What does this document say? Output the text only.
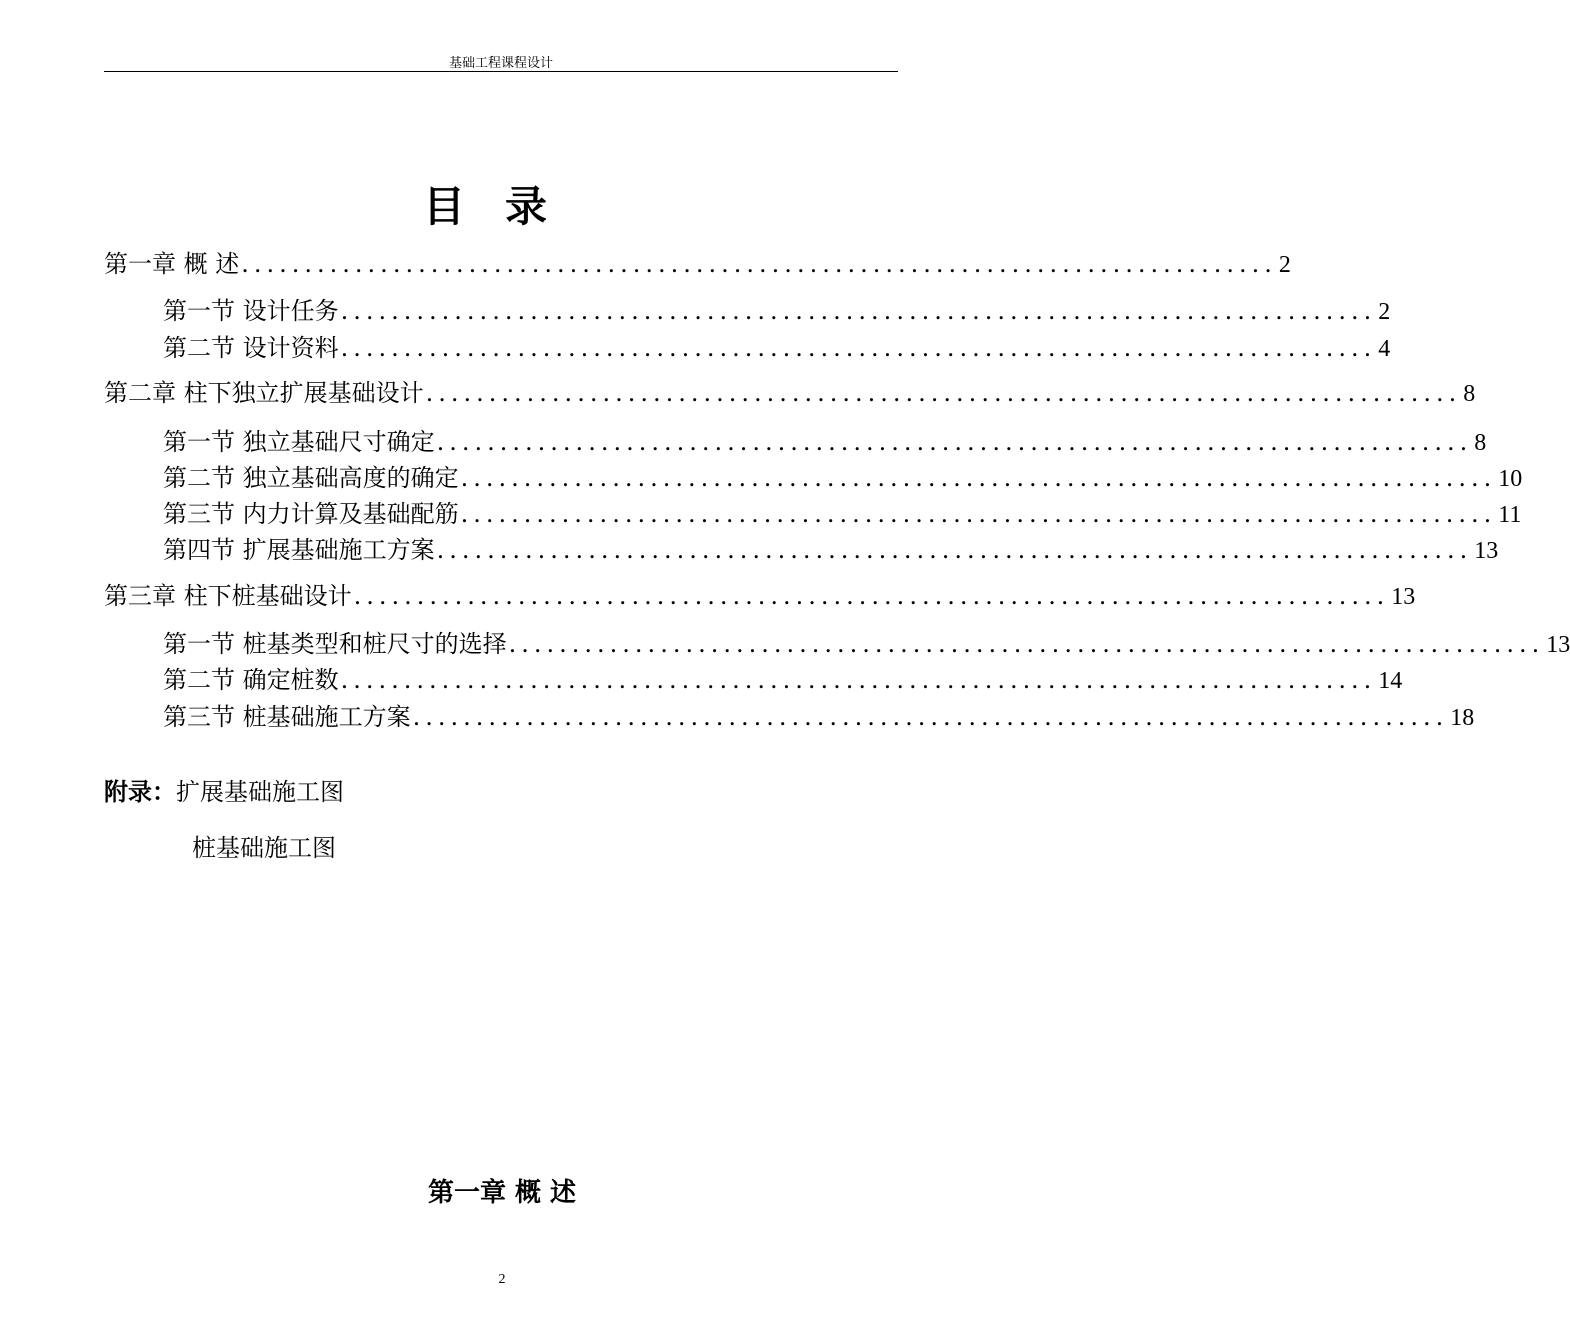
基础工程课程设计
目录
第一章 概 述 .................................................................................. 2
第一节 设计任务 .................................................................................. 2
第二节 设计资料 .................................................................................. 4
第二章 柱下独立扩展基础设计 .................................................................................. 8
第一节 独立基础尺寸确定 .................................................................................. 8
第二节 独立基础高度的确定 .................................................................................. 10
第三节 内力计算及基础配筋 .................................................................................. 11
第四节 扩展基础施工方案 .................................................................................. 13
第三章 柱下桩基础设计 .................................................................................. 13
第一节 桩基类型和桩尺寸的选择 .................................................................................. 13
第二节 确定桩数 .................................................................................. 14
第三节 桩基础施工方案 .................................................................................. 18
附录：扩展基础施工图
桩基础施工图
第一章 概 述
2
